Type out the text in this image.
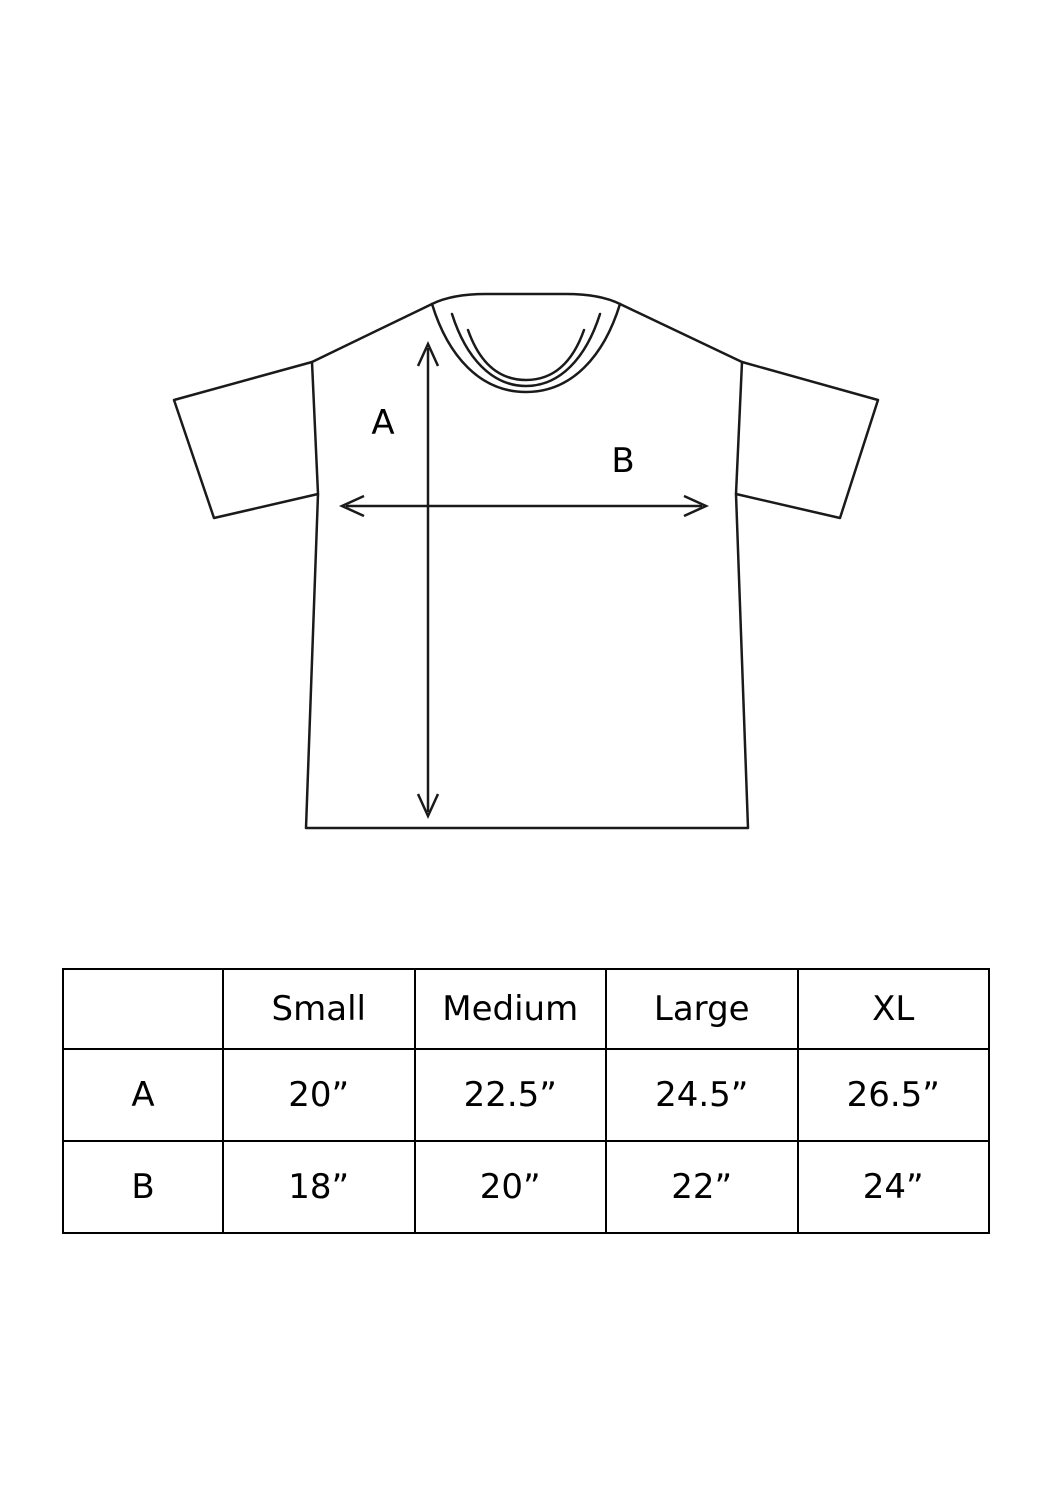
A
B
	Small	Medium	Large	XL
A	20”	22.5”	24.5”	26.5”
B	18”	20”	22”	24”
